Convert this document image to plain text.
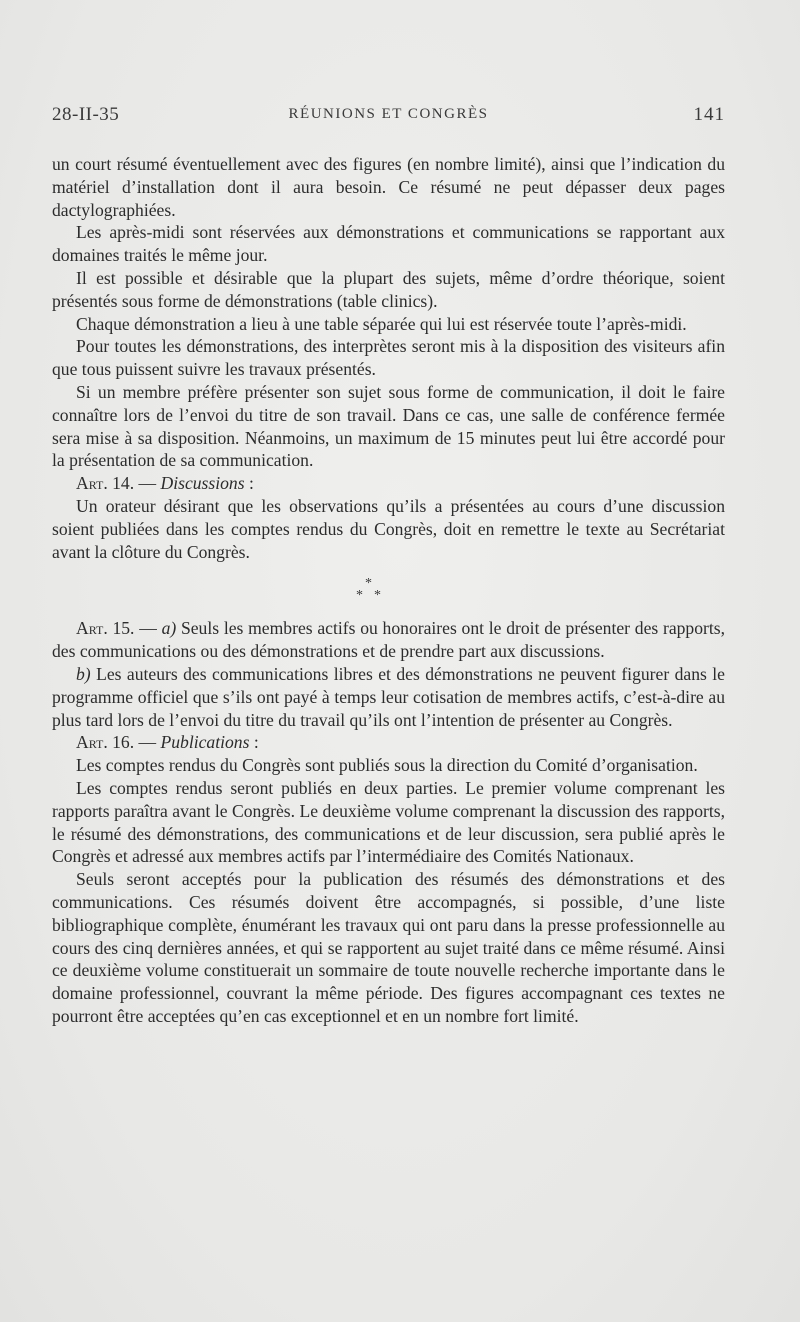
28-II-35	RÉUNIONS ET CONGRÈS	141

un court résumé éventuellement avec des figures (en nombre limité), ainsi que l’indication du matériel d’installation dont il aura besoin. Ce résumé ne peut dépasser deux pages dactylographiées.

Les après-midi sont réservées aux démonstrations et communications se rapportant aux domaines traités le même jour.

Il est possible et désirable que la plupart des sujets, même d’ordre théorique, soient présentés sous forme de démonstrations (table clinics).

Chaque démonstration a lieu à une table séparée qui lui est réservée toute l’après-midi.

Pour toutes les démonstrations, des interprètes seront mis à la disposition des visiteurs afin que tous puissent suivre les travaux présentés.

Si un membre préfère présenter son sujet sous forme de communication, il doit le faire connaître lors de l’envoi du titre de son travail. Dans ce cas, une salle de conférence fermée sera mise à sa disposition. Néanmoins, un maximum de 15 minutes peut lui être accordé pour la présentation de sa communication.

Art. 14. — Discussions :

Un orateur désirant que les observations qu’ils a présentées au cours d’une discussion soient publiées dans les comptes rendus du Congrès, doit en remettre le texte au Secrétariat avant la clôture du Congrès.

*
* *

Art. 15. — a) Seuls les membres actifs ou honoraires ont le droit de présenter des rapports, des communications ou des démonstrations et de prendre part aux discussions.

b) Les auteurs des communications libres et des démonstrations ne peuvent figurer dans le programme officiel que s’ils ont payé à temps leur cotisation de membres actifs, c’est-à-dire au plus tard lors de l’envoi du titre du travail qu’ils ont l’intention de présenter au Congrès.

Art. 16. — Publications :

Les comptes rendus du Congrès sont publiés sous la direction du Comité d’organisation.

Les comptes rendus seront publiés en deux parties. Le premier volume comprenant les rapports paraîtra avant le Congrès. Le deuxième volume comprenant la discussion des rapports, le résumé des démonstrations, des communications et de leur discussion, sera publié après le Congrès et adressé aux membres actifs par l’intermédiaire des Comités Nationaux.

Seuls seront acceptés pour la publication des résumés des démonstrations et des communications. Ces résumés doivent être accompagnés, si possible, d’une liste bibliographique complète, énumérant les travaux qui ont paru dans la presse professionnelle au cours des cinq dernières années, et qui se rapportent au sujet traité dans ce même résumé. Ainsi ce deuxième volume constituerait un sommaire de toute nouvelle recherche importante dans le domaine professionnel, couvrant la même période. Des figures accompagnant ces textes ne pourront être acceptées qu’en cas exceptionnel et en un nombre fort limité.
